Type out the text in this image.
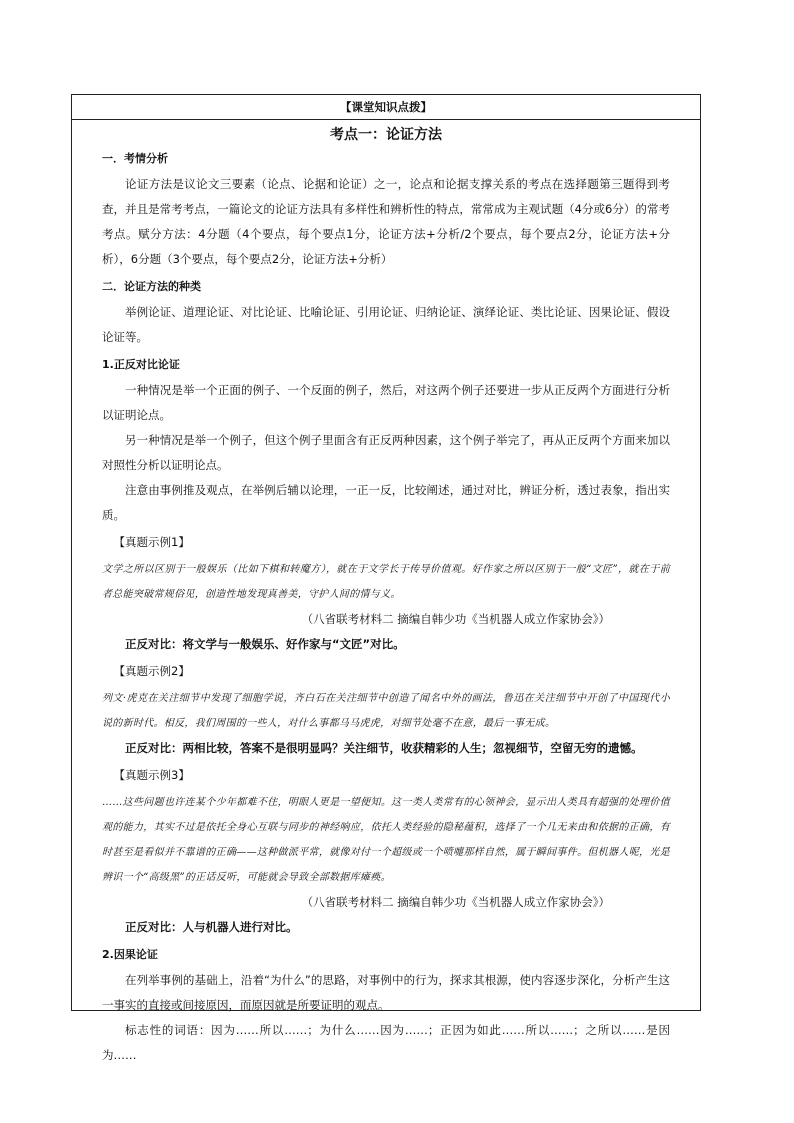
【课堂知识点拨】
考点一：论证方法
一．考情分析

论证方法是议论文三要素（论点、论据和论证）之一，论点和论据支撑关系的考点在选择题第三题得到考查，并且是常考考点，一篇论文的论证方法具有多样性和辨析性的特点，常常成为主观试题（4分或6分）的常考考点。赋分方法：4分题（4个要点，每个要点1分，论证方法+分析/2个要点，每个要点2分，论证方法+分析），6分题（3个要点，每个要点2分，论证方法+分析）

二．论证方法的种类

举例论证、道理论证、对比论证、比喻论证、引用论证、归纳论证、演绎论证、类比论证、因果论证、假设论证等。

1.正反对比论证

一种情况是举一个正面的例子、一个反面的例子，然后，对这两个例子还要进一步从正反两个方面进行分析以证明论点。

另一种情况是举一个例子，但这个例子里面含有正反两种因素，这个例子举完了，再从正反两个方面来加以对照性分析以证明论点。

注意由事例推及观点，在举例后辅以论理，一正一反，比较阐述，通过对比，辨证分析，透过表象，指出实质。

【真题示例1】

文学之所以区别于一般娱乐（比如下棋和转魔方），就在于文学长于传导价值观。好作家之所以区别于一般“文匠”，就在于前者总能突破常规俗见，创造性地发现真善美，守护人间的情与义。

（八省联考材料二 摘编自韩少功《当机器人成立作家协会》）

正反对比：将文学与一般娱乐、好作家与“文匠”对比。

【真题示例2】

列文·虎克在关注细节中发现了细胞学说，齐白石在关注细节中创造了闻名中外的画法，鲁迅在关注细节中开创了中国现代小说的新时代。相反，我们周围的一些人，对什么事都马马虎虎，对细节处毫不在意，最后一事无成。

正反对比：两相比较，答案不是很明显吗？关注细节，收获精彩的人生；忽视细节，空留无穷的遗憾。

【真题示例3】

……这些问题也许连某个少年都难不住，明眼人更是一望便知。这一类人类常有的心领神会，显示出人类具有超强的处理价值观的能力，其实不过是依托全身心互联与同步的神经响应，依托人类经验的隐秘蕴积，选择了一个几无来由和依据的正确，有时甚至是看似并不靠谱的正确——这种做派平常，就像对付一个超级或一个喷嚏那样自然，属于瞬间事件。但机器人呢，光是辨识一个“高级黑”的正话反听，可能就会导致全部数据库瘫痪。

（八省联考材料二 摘编自韩少功《当机器人成立作家协会》）

正反对比：人与机器人进行对比。

2.因果论证

在列举事例的基础上，沿着“为什么”的思路，对事例中的行为，探求其根源，使内容逐步深化，分析产生这一事实的直接或间接原因，而原因就是所要证明的观点。

标志性的词语：因为……所以……；为什么……因为……；正因为如此……所以……；之所以……是因为……
